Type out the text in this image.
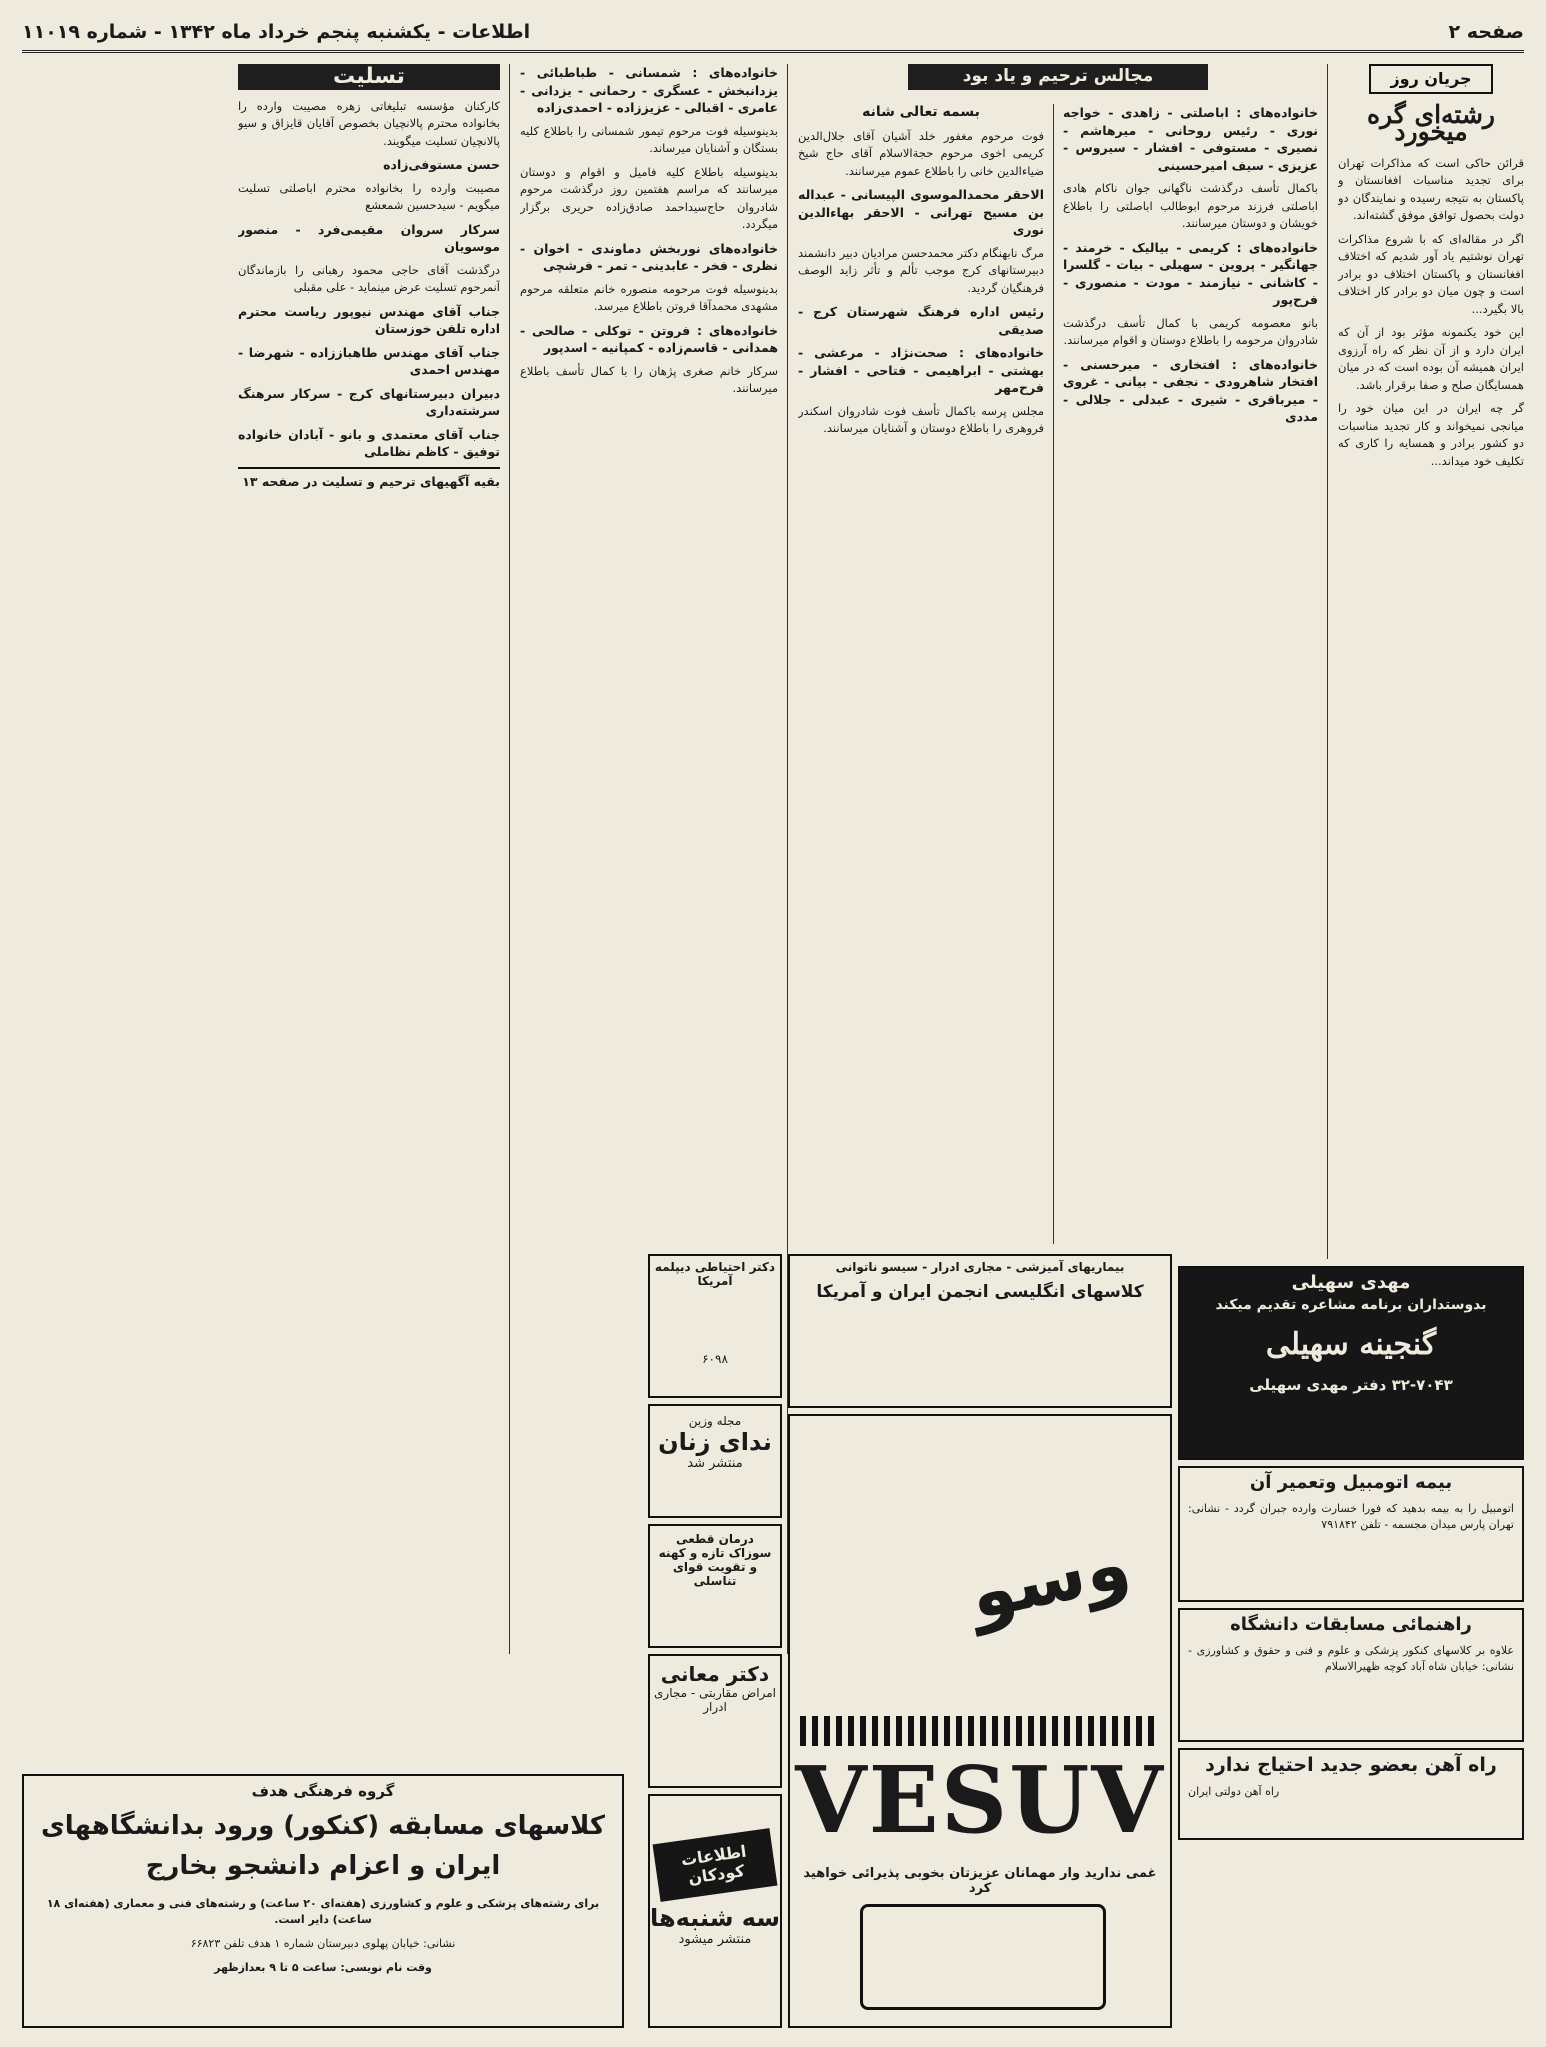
صفحه ۲
اطلاعات - یکشنبه پنجم خرداد ماه ۱۳۴۲ - شماره ۱۱۰۱۹
جریان روز
رشته‌ای گره میخورد

قرائن حاکی است که مذاکرات تهران برای تجدید مناسبات افغانستان و پاکستان به نتیجه رسیده و نمایندگان دو دولت بحصول توافق موفق گشته‌اند.

اگر در مقاله‌ای که با شروع مذاکرات تهران نوشتیم یاد آور شدیم که اختلاف افغانستان و پاکستان اختلاف دو برادر است و چون میان دو برادر کار اختلاف بالا بگیرد...

این خود یکنمونه مؤثر بود از آن که ایران دارد و از آن نظر که راه آرزوی ایران همیشه آن بوده است که در میان همسایگان صلح و صفا برقرار باشد.

گر چه ایران در این میان خود را میانجی نمیخواند و کار تجدید مناسبات دو کشور برادر و همسایه را کاری که تکلیف خود میداند...

مجالس ترحیم و یاد بود

خانواده‌های : اباصلتی - زاهدی - خواجه نوری - رئیس روحانی - میرهاشم - نصیری - مستوفی - افشار - سیروس - عزیزی - سیف امیرحسینی

باکمال تأسف درگذشت ناگهانی جوان ناکام هادی اباصلتی فرزند مرحوم ابوطالب اباصلتی را باطلاع خویشان و دوستان میرسانند.

خانواده‌های : کریمی - بیالیک - خرمند - جهانگیر - پروین - سهیلی - بیات - گلسرا - کاشانی - نیازمند - مودت - منصوری - فرح‌پور

بانو معصومه کریمی با کمال تأسف درگذشت شادروان مرحومه را باطلاع دوستان و اقوام میرسانند.

خانواده‌های : افتخاری - میرحسنی - افتخار شاهرودی - نجفی - بیانی - غروی - میرباقری - شیری - عبدلی - جلالی - مددی

بسمه تعالی شانه

فوت مرحوم مغفور خلد آشیان آقای جلال‌الدین کریمی اخوی مرحوم حجة‌الاسلام آقای حاج شیخ ضیاءالدین خانی را باطلاع عموم میرسانند.

الاحقر محمدالموسوی الپیسانی - عبداله بن مسیح تهرانی - الاحقر بهاءالدین نوری

مرگ نابهنگام دکتر محمدحسن مرادیان دبیر دانشمند دبیرستانهای کرج موجب تألم و تأثر زاید الوصف فرهنگیان گردید.

رئیس اداره فرهنگ شهرستان کرج - صدیقی

خانواده‌های : صحت‌نژاد - مرعشی - بهشتی - ابراهیمی - فتاحی - افشار - فرح‌مهر

مجلس پرسه باکمال تأسف فوت شادروان اسکندر فروهری را باطلاع دوستان و آشنایان میرسانند.

خانواده‌های : شمسانی - طباطبائی - یزدانبخش - عسگری - رحمانی - یزدانی - عامری - اقبالی - عزیززاده - احمدی‌زاده

بدینوسیله فوت مرحوم تیمور شمسانی را باطلاع کلیه بستگان و آشنایان میرساند.

بدینوسیله باطلاع کلیه فامیل و اقوام و دوستان میرسانند که مراسم هفتمین روز درگذشت مرحوم شادروان حاج‌سیداحمد صادق‌زاده حریری برگزار میگردد.

خانواده‌های نوربخش دماوندی - اخوان - نظری - فخر - عابدینی - تمر - فرشچی

بدینوسیله فوت مرحومه منصوره خانم متعلقه مرحوم مشهدی محمدآقا فروتن باطلاع میرسد.

خانواده‌های : فروتن - توکلی - صالحی - همدانی - قاسم‌زاده - کمپانیه - اسدپور

سرکار خانم صغری پژهان را با کمال تأسف باطلاع میرسانند.

تسلیت

کارکنان مؤسسه تبلیغاتی زهره مصیبت وارده را بخانواده محترم پالانچیان بخصوص آقایان قایزاق و سیو پالانچیان تسلیت میگویند.

حسن مستوفی‌زاده

مصیبت وارده را بخانواده محترم اباصلتی تسلیت میگویم - سیدحسین شمعشع

سرکار سروان مقیمی‌فرد - منصور موسویان

درگذشت آقای حاجی محمود رهبانی را بازماندگان آنمرحوم تسلیت عرض مینماید - علی مقبلی

جناب آقای مهندس نیوپور ریاست محترم اداره تلفن خوزستان

جناب آقای مهندس طاهباززاده - شهرضا - مهندس احمدی

دبیران دبیرستانهای کرج - سرکار سرهنگ سرشته‌داری

جناب آقای معتمدی و بانو - آبادان خانواده توفیق - کاظم نظاملی

بقیه آگهیهای ترحیم و تسلیت در صفحه ۱۳

مهدی سهیلی
بدوستداران برنامه مشاعره تقدیم میکند
گنجینه سهیلی
۳۲-۷۰۴۳ دفتر مهدی سهیلی
بیمه اتومبیل وتعمیر آن
اتومبیل را به بیمه بدهید که فورا خسارت وارده جبران گردد - نشانی: تهران پارس میدان مجسمه - تلفن ۷۹۱۸۴۲
راهنمائی مسابقات دانشگاه
علاوه بر کلاسهای کنکور پزشکی و علوم و فنی و حقوق و کشاورزی - نشانی: خیابان شاه آباد کوچه ظهیرالاسلام
راه آهن بعضو جدید احتیاج ندارد
راه آهن دولتی ایران
بیماریهای آمیزشی - مجاری ادرار - سیسو ناتوانی
کلاسهای انگلیسی انجمن ایران و آمریکا
وسو
VESUV
غمی ندارید وار مهمانان عزیزتان بخوبی پذیرائی خواهید کرد
دکتر احتیاطی دیپلمه آمریکا
۶۰۹۸
مجله وزین
ندای زنان
منتشر شد
درمان قطعی سوزاک تازه و کهنه و تقویت قوای تناسلی
دکتر معانی
امراض مقاربتی - مجاری ادرار
اطلاعات کودکان
سه شنبه‌ها
منتشر میشود
گروه فرهنگی هدف
کلاسهای مسابقه (کنکور) ورود بدانشگاههای ایران و اعزام دانشجو بخارج
برای رشته‌های پزشکی و علوم و کشاورزی (هفته‌ای ۲۰ ساعت) و رشته‌های فنی و معماری (هفته‌ای ۱۸ ساعت) دایر است.
نشانی: خیابان پهلوی دبیرستان شماره ۱ هدف تلفن ۶۶۸۲۳
وقت نام نویسی: ساعت ۵ تا ۹ بعدازظهر
